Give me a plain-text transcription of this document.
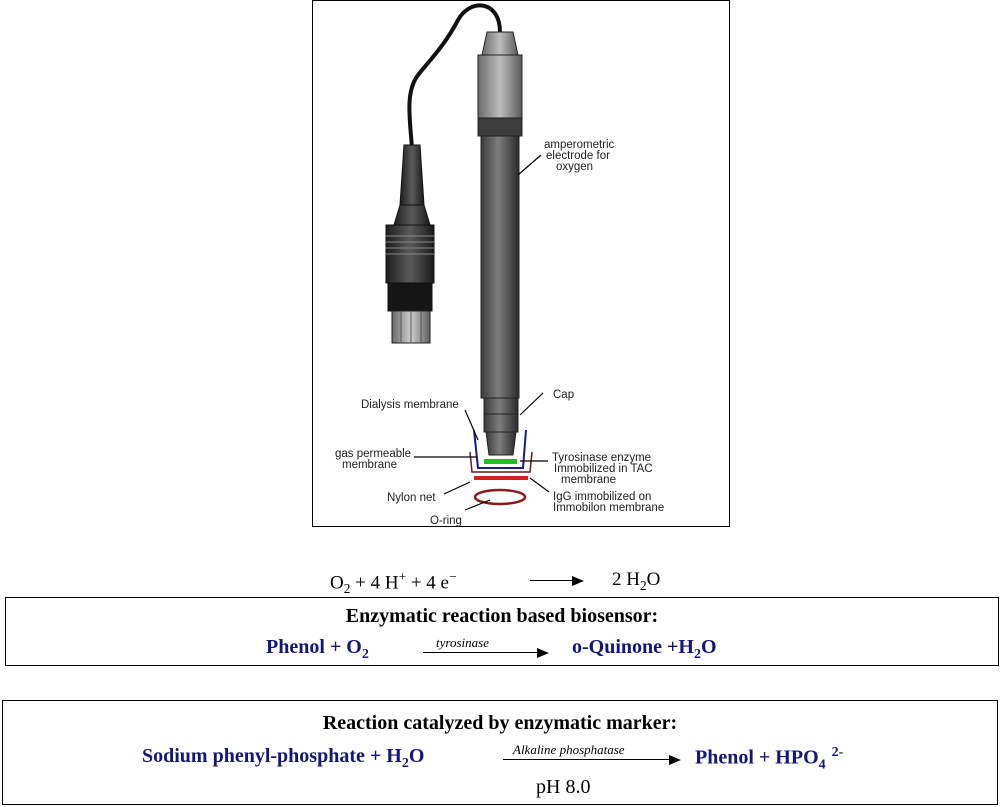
amperometric
electrode for
oxygen
Cap
Dialysis membrane
gas permeable
membrane
Tyrosinase enzyme
Immobilized in TAC
membrane
Nylon net	IgG immobilized on
Immobilon membrane
O-ring
$O_2 + 4$ H+ + 4 e−	2 $H_2O$
Enzymatic reaction based biosensor:
Phenol + $O_2$
tyrosinase	o-Quinone $+H_2O$
Reaction catalyzed by enzymatic marker:
Sodium phenyl-phosphate + $H_2O$	Alkaline phosphatase	Phenol + $HPO_4^{2-}$
pH 8.0
